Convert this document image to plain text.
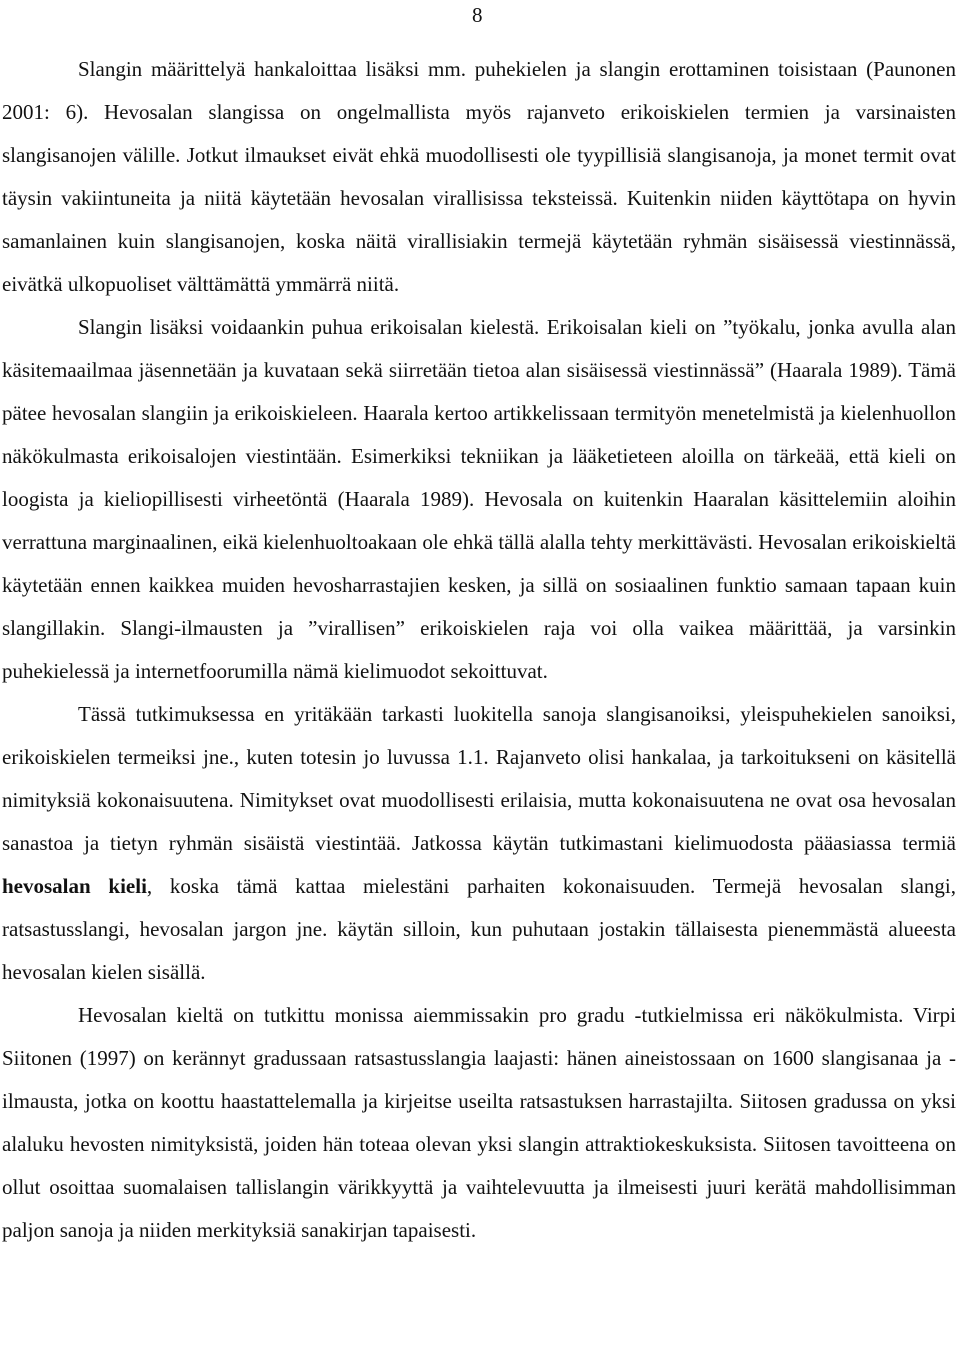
8

Slangin määrittelyä hankaloittaa lisäksi mm. puhekielen ja slangin erottaminen toisistaan (Paunonen 2001: 6). Hevosalan slangissa on ongelmallista myös rajanveto erikoiskielen termien ja varsinaisten slangisanojen välille. Jotkut ilmaukset eivät ehkä muodollisesti ole tyypillisiä slangisanoja, ja monet termit ovat täysin vakiintuneita ja niitä käytetään hevosalan virallisissa teksteissä. Kuitenkin niiden käyttötapa on hyvin samanlainen kuin slangisanojen, koska näitä virallisiakin termejä käytetään ryhmän sisäisessä viestinnässä, eivätkä ulkopuoliset välttämättä ymmärrä niitä.

Slangin lisäksi voidaankin puhua erikoisalan kielestä. Erikoisalan kieli on ”työkalu, jonka avulla alan käsitemaailmaa jäsennetään ja kuvataan sekä siirretään tietoa alan sisäisessä viestinnässä” (Haarala 1989). Tämä pätee hevosalan slangiin ja erikoiskieleen. Haarala kertoo artikkelissaan termityön menetelmistä ja kielenhuollon näkökulmasta erikoisalojen viestintään. Esimerkiksi tekniikan ja lääketieteen aloilla on tärkeää, että kieli on loogista ja kieliopillisesti virheetöntä (Haarala 1989). Hevosala on kuitenkin Haaralan käsittelemiin aloihin verrattuna marginaalinen, eikä kielenhuoltoakaan ole ehkä tällä alalla tehty merkittävästi. Hevosalan erikoiskieltä käytetään ennen kaikkea muiden hevosharrastajien kesken, ja sillä on sosiaalinen funktio samaan tapaan kuin slangillakin. Slangi-ilmausten ja ”virallisen” erikoiskielen raja voi olla vaikea määrittää, ja varsinkin puhekielessä ja internetfoorumilla nämä kielimuodot sekoittuvat.

Tässä tutkimuksessa en yritäkään tarkasti luokitella sanoja slangisanoiksi, yleispuhekielen sanoiksi, erikoiskielen termeiksi jne., kuten totesin jo luvussa 1.1. Rajanveto olisi hankalaa, ja tarkoitukseni on käsitellä nimityksiä kokonaisuutena. Nimitykset ovat muodollisesti erilaisia, mutta kokonaisuutena ne ovat osa hevosalan sanastoa ja tietyn ryhmän sisäistä viestintää. Jatkossa käytän tutkimastani kielimuodosta pääasiassa termiä hevosalan kieli, koska tämä kattaa mielestäni parhaiten kokonaisuuden. Termejä hevosalan slangi, ratsastusslangi, hevosalan jargon jne. käytän silloin, kun puhutaan jostakin tällaisesta pienemmästä alueesta hevosalan kielen sisällä.

Hevosalan kieltä on tutkittu monissa aiemmissakin pro gradu -tutkielmissa eri näkökulmista. Virpi Siitonen (1997) on kerännyt gradussaan ratsastusslangia laajasti: hänen aineistossaan on 1600 slangisanaa ja -ilmausta, jotka on koottu haastattelemalla ja kirjeitse useilta ratsastuksen harrastajilta. Siitosen gradussa on yksi alaluku hevosten nimityksistä, joiden hän toteaa olevan yksi slangin attraktiokeskuksista. Siitosen tavoitteena on ollut osoittaa suomalaisen tallislangin värikkyyttä ja vaihtelevuutta ja ilmeisesti juuri kerätä mahdollisimman paljon sanoja ja niiden merkityksiä sanakirjan tapaisesti.
